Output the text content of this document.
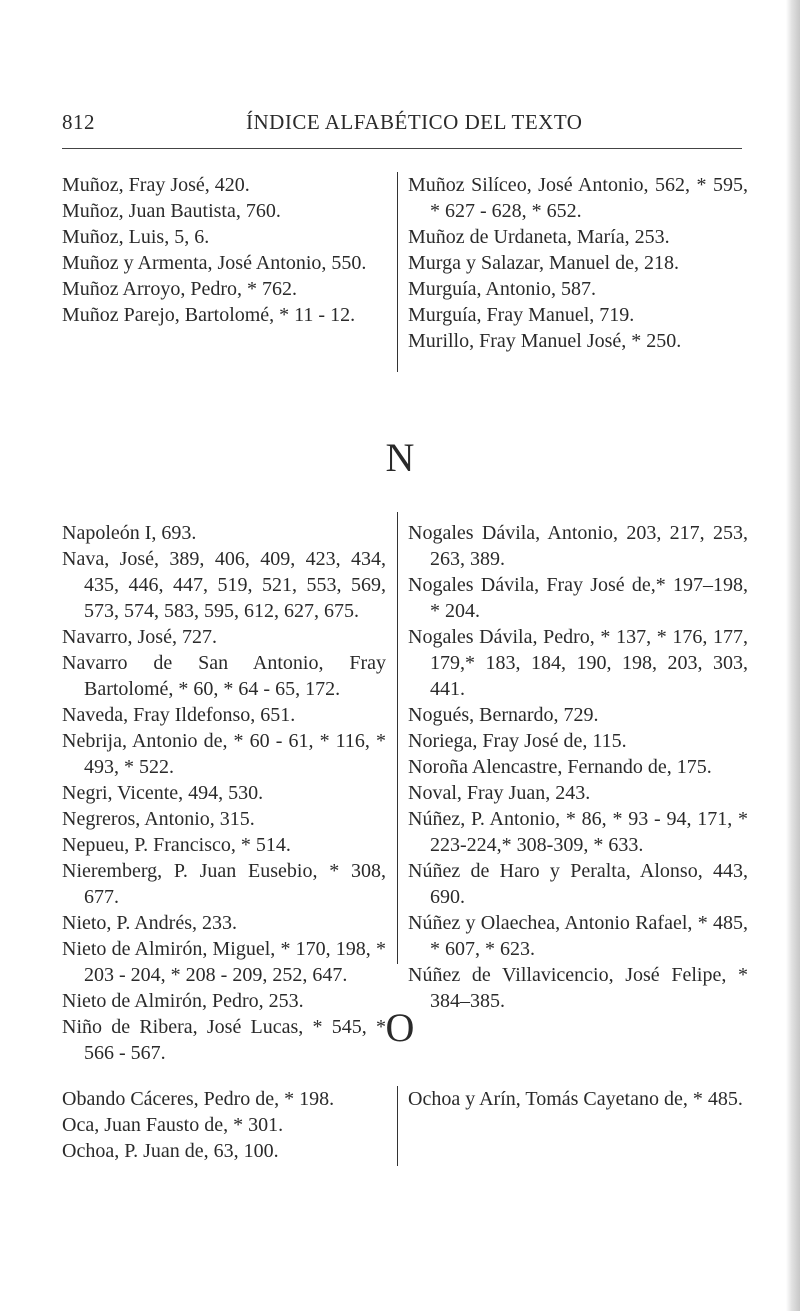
812	ÍNDICE ALFABÉTICO DEL TEXTO

Muñoz, Fray José, 420.

Muñoz, Juan Bautista, 760.

Muñoz, Luis, 5, 6.

Muñoz y Armenta, José Antonio, 550.

Muñoz Arroyo, Pedro, * 762.

Muñoz Parejo, Bartolomé, * 11 - 12.

Muñoz Silíceo, José Antonio, 562, * 595, * 627 - 628, * 652.

Muñoz de Urdaneta, María, 253.

Murga y Salazar, Manuel de, 218.

Murguía, Antonio, 587.

Murguía, Fray Manuel, 719.

Murillo, Fray Manuel José, * 250.

N

Napoleón I, 693.

Nava, José, 389, 406, 409, 423, 434, 435, 446, 447, 519, 521, 553, 569, 573, 574, 583, 595, 612, 627, 675.

Navarro, José, 727.

Navarro de San Antonio, Fray Bartolomé, * 60, * 64 - 65, 172.

Naveda, Fray Ildefonso, 651.

Nebrija, Antonio de, * 60 - 61, * 116, * 493, * 522.

Negri, Vicente, 494, 530.

Negreros, Antonio, 315.

Nepueu, P. Francisco, * 514.

Nieremberg, P. Juan Eusebio, * 308, 677.

Nieto, P. Andrés, 233.

Nieto de Almirón, Miguel, * 170, 198, * 203 - 204, * 208 - 209, 252, 647.

Nieto de Almirón, Pedro, 253.

Niño de Ribera, José Lucas, * 545, * 566 - 567.

Nogales Dávila, Antonio, 203, 217, 253, 263, 389.

Nogales Dávila, Fray José de,* 197–198, * 204.

Nogales Dávila, Pedro, * 137, * 176, 177, 179,* 183, 184, 190, 198, 203, 303, 441.

Nogués, Bernardo, 729.

Noriega, Fray José de, 115.

Noroña Alencastre, Fernando de, 175.

Noval, Fray Juan, 243.

Núñez, P. Antonio, * 86, * 93 - 94, 171, * 223-224,* 308-309, * 633.

Núñez de Haro y Peralta, Alonso, 443, 690.

Núñez y Olaechea, Antonio Rafael, * 485, * 607, * 623.

Núñez de Villavicencio, José Felipe, * 384–385.

O

Obando Cáceres, Pedro de, * 198.

Oca, Juan Fausto de, * 301.

Ochoa, P. Juan de, 63, 100.

Ochoa y Arín, Tomás Cayetano de, * 485.
